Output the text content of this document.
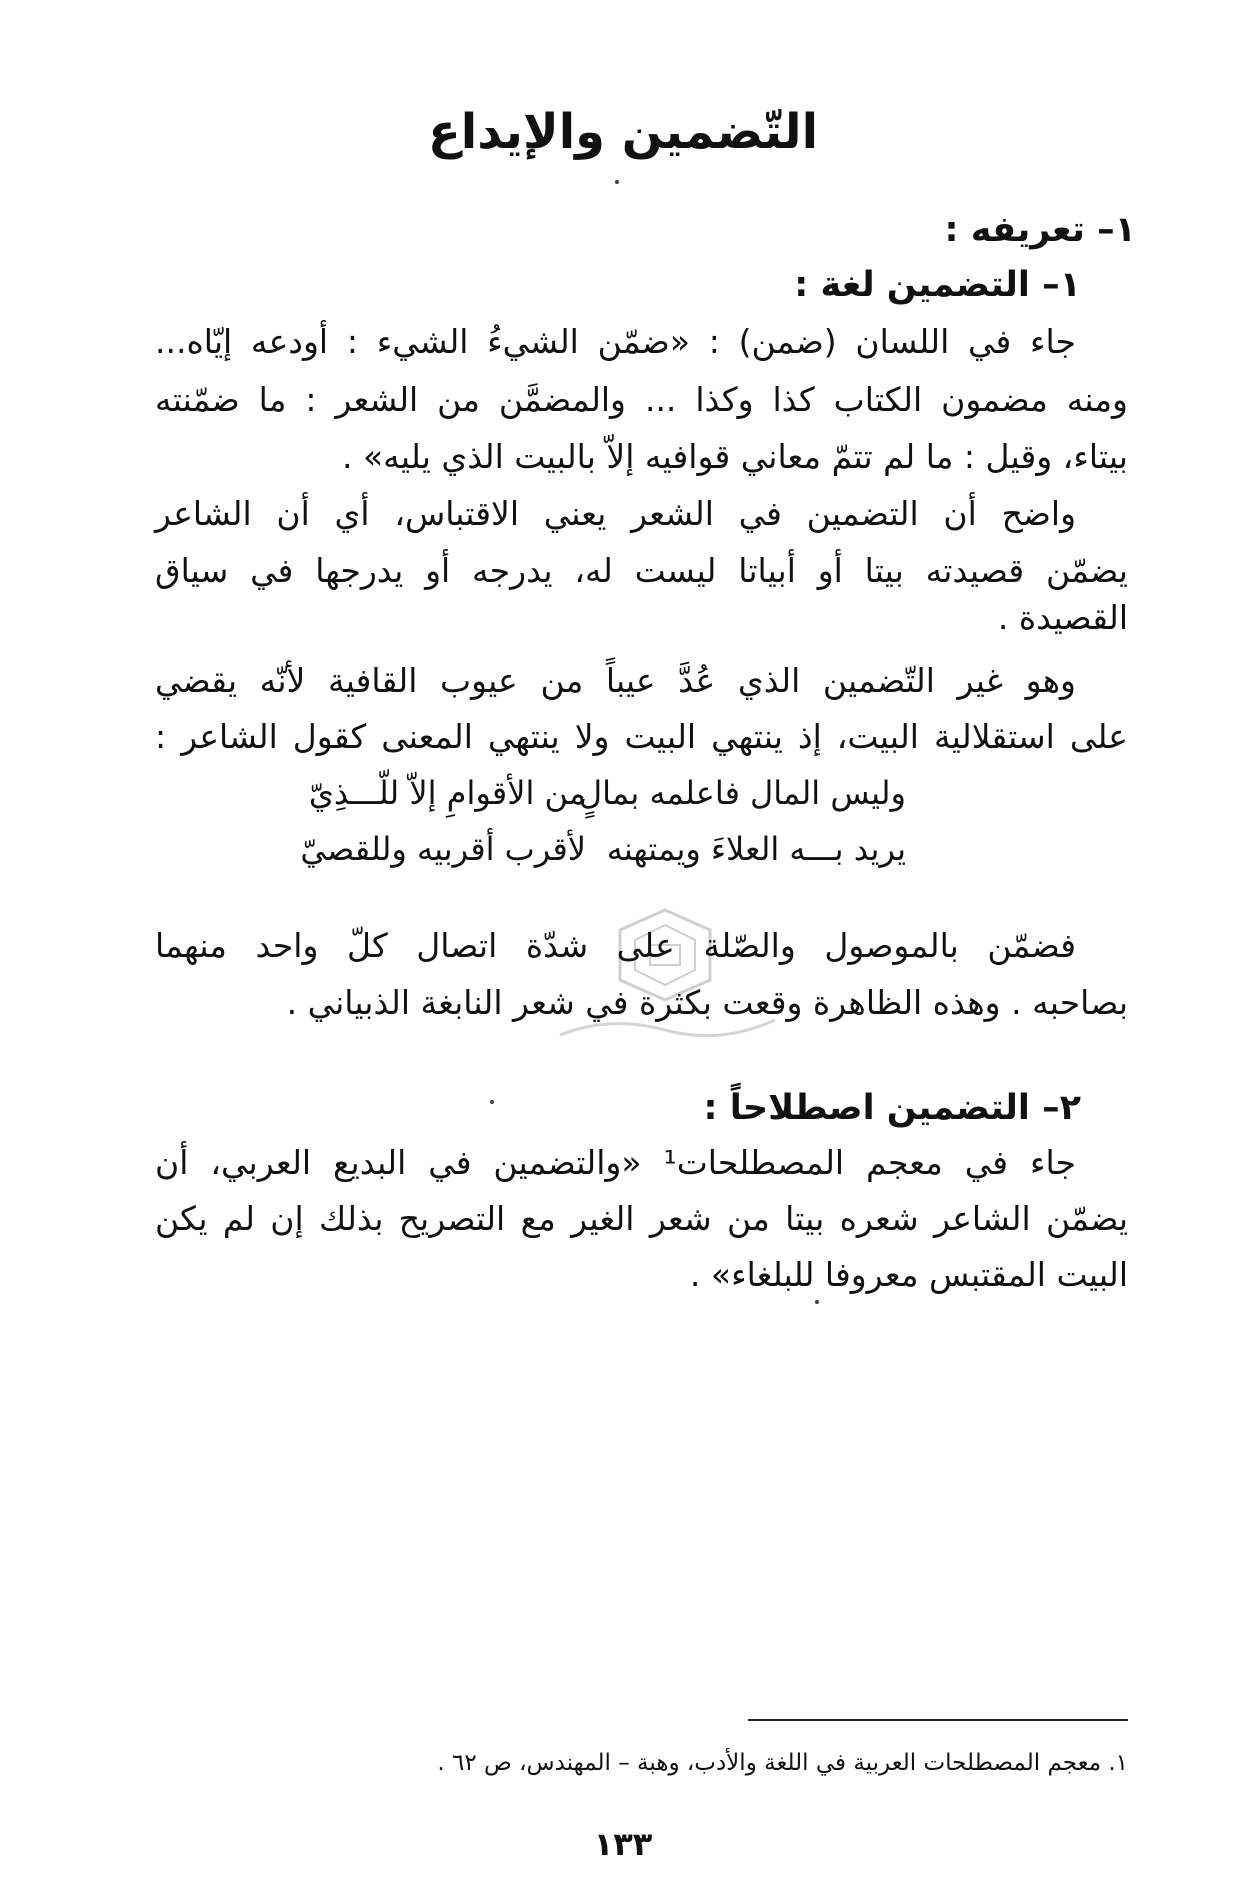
التّضمين والإيداع
١– تعريفه :
١– التضمين لغة :
جاء في اللسان (ضمن) : «ضمّن الشيءُ الشيء : أودعه إيّاه...
ومنه مضمون الكتاب كذا وكذا ... والمضمَّن من الشعر : ما ضمّنته
بيتاء، وقيل : ما لم تتمّ معاني قوافيه إلاّ بالبيت الذي يليه» .
واضح أن التضمين في الشعر يعني الاقتباس، أي أن الشاعر
يضمّن قصيدته بيتا أو أبياتا ليست له، يدرجه أو يدرجها في سياق
القصيدة .
وهو غير التّضمين الذي عُدَّ عيباً من عيوب القافية لأنّه يقضي
على استقلالية البيت، إذ ينتهي البيت ولا ينتهي المعنى كقول الشاعر :
وليس المال فاعلمه بمالٍ
من الأقوامِ إلاّ للّـــذِيّ
يريد بـــه العلاءَ ويمتهنه
لأقرب أقربيه وللقصيّ
فضمّن بالموصول والصّلة على شدّة اتصال كلّ واحد منهما
بصاحبه . وهذه الظاهرة وقعت بكثرة في شعر النابغة الذبياني .
٢– التضمين اصطلاحاً :
جاء في معجم المصطلحات¹ «والتضمين في البديع العربي، أن
يضمّن الشاعر شعره بيتا من شعر الغير مع التصريح بذلك إن لم يكن
البيت المقتبس معروفا للبلغاء» .
١. معجم المصطلحات العربية في اللغة والأدب، وهبة – المهندس، ص ٦٢ .
١٣٣
